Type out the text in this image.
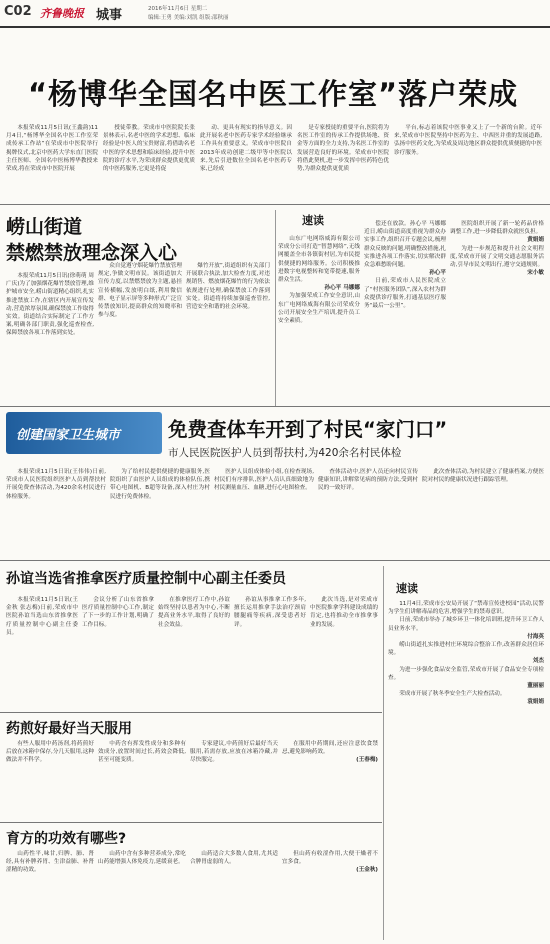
C02 齐鲁晚报 城事	2016年11月6日 星期二
编辑:王勇 美编:刘凯 组版:邵秋丽
“杨博华全国名中医工作室”落户荣成

本报荣成11月5日讯(王鑫韵)11月4日,“杨博华全国名中医工作室荣成传承工作站”在荣成市中医院举行揭牌仪式,北京中医药大学东直门医院主任医师、全国名中医杨博华教授来荣成,将在荣成市中医院开展

授徒带教。荣成市中医院院长张景林表示,名老中医的学术思想、临床经验是中医人的宝贵财富,将借助名老中医的学术思想和临床经验,提升中医院的诊疗水平,为荣成群众提供更优质的中医药服务,它更是将促

动、更具有现实的指导意义。因此开展名老中医药专家学术经验继承工作具有重要意义。荣成市中医院自2013年成功创建二级甲等中医院以来,先后引进数位全国名老中医药专家,已经成

是专家授徒的重要平台,医院将为名医工作室的传承工作提供场地、资金等方面的全力支持,为名医工作室的发展营造良好的环境。荣成市中医院将借此契机,进一步发挥中医药特色优势,为群众提供更优质

平台,标志着该院中医事业又上了一个新的台阶。近年来,荣成市中医院坚持中医药为主、中西医并重的发展道路,弘扬中医药文化,为荣成及周边地区群众提供优质便捷的中医诊疗服务。

崂山街道
禁燃禁放理念深入心

本报荣成11月5日讯(徐萌萌 周广庆)为了加强烟花爆竹禁放管理,维护城市安全,崂山街道精心组织,扎实推进禁放工作,在辖区内开展宣传发动,营造浓厚氛围,确保禁放工作取得实效。街道结合实际制定了工作方案,明确各部门职责,强化巡查检查,保障禁放各项工作落到实处。

众自觉遵守烟花爆竹禁放管理规定,争做文明市民。该街道加大宣传力度,以禁燃禁放为主题,悬挂宣传横幅,发放明白纸,利用微信群、电子显示屏等多种形式广泛宣传禁放知识,提高群众的知晓率和参与度。

爆竹开放”,街道组织有关部门开展联合执法,加大检查力度,对违规销售、燃放烟花爆竹的行为依法依规进行处理,确保禁放工作落到实处。街道将持续加强巡查管控,营造安全和谐的社会环境。

速读

山东广电网络威海有限公司荣成分公司打造“智慧网络”,无线网覆盖全市各镇街村居,为市民提供便捷的网络服务。公司积极推进数字电视整转和宽带提速,服务群众生活。

孙心平 马娜娜

为加强荣成工作安全意识,山东广电网络威海有限公司荣成分公司开展安全生产培训,提升员工安全素质。

偿还在放款。孙心平 马娜娜 近日,崂山街道高度重视为群众办实事工作,组织召开专题会议,梳理群众反映的问题,明确整改措施,扎实推进各项工作落实,切实解决群众急难愁盼问题。

孙心平

日前,荣成市人民医院成立了“村医服务团队”,深入农村为群众提供诊疗服务,打通基层医疗服务“最后一公里”。

医院组织开展了新一轮药品价格调整工作,进一步降低群众就医负担。

黄娟娟

为进一步规范和提升社会文明程度,荣成市开展了文明交通志愿服务活动,引导市民文明出行,遵守交通规则。

宋小敏
创建国家卫生城市 免费查体车开到了村民“家门口”
市人民医院医护人员到帮扶村,为420余名村民体检

本报荣成11月5日讯(王伟伟)日前,荣成市人民医院组织医护人员到帮扶村开展免费查体活动,为420余名村民进行体检服务。

为了给村民提供便捷的健康服务,医院组织了由医护人员组成的体检队伍,携带心电图机、B超等设备,深入村庄为村民进行免费体检。

医护人员组成体检小组,在检查现场,村民们有序排队,医护人员认真细致地为村民测量血压、血糖,进行心电图检查。

查体活动中,医护人员还向村民宣传健康知识,讲解常见病的预防方法,受到村民的一致好评。

此次查体活动,为村民建立了健康档案,方便医院对村民的健康状况进行跟踪管理。

孙谊当选省推拿医疗质量控制中心副主任委员

本报荣成11月5日讯(王金秋 张志梅)日前,荣成市中医院孙谊当选山东省推拿医疗质量控制中心副主任委员。

会议分析了山东省推拿医疗质量控制中心工作,制定了下一步的工作计划,明确了工作目标。

在推拿医疗工作中,孙谊始终坚持以患者为中心,不断提高业务水平,取得了良好的社会效益。

孙谊从事推拿工作多年,擅长运用推拿手法治疗颈肩腰腿痛等疾病,深受患者好评。

此次当选,是对荣成市中医院推拿学科建设成绩的肯定,也将推动全市推拿事业的发展。

速读

11月4日,荣成市公安局开展了“禁毒宣传进校园”活动,民警为学生们讲解毒品的危害,增强学生的禁毒意识。

日前,荣成市举办了城乡环卫一体化培训班,提升环卫工作人员业务水平。

付海英

崂山街道扎实推进村庄环境综合整治工作,改善群众居住环境。

刘杰

为进一步强化食品安全监管,荣成市开展了食品安全专项检查。

董丽丽

荣成市开展了秋冬季安全生产大检查活动。

袁娟娟
药煎好最好当天服用

有些人服用中药汤剂,将药煎好后放在冰箱中保存,分几天服用,这种做法并不科学。

中药含有挥发性成分和多种有效成分,放置时间过长,药效会降低,甚至可能变质。

专家建议,中药煎好后最好当天服用,若需存放,应放在冰箱冷藏,并尽快服完。

在服用中药期间,还应注意饮食禁忌,避免影响药效。

(王春梅)
育方的功效有哪些?

山药性平,味甘,归脾、肺、肾经,具有补脾养胃、生津益肺、补肾涩精的功效。

山药中含有多种营养成分,常吃山药能增强人体免疫力,延缓衰老。

山药适合大多数人食用,尤其适合脾胃虚弱的人。

但山药有收涩作用,大便干燥者不宜多食。

(王金秋)
